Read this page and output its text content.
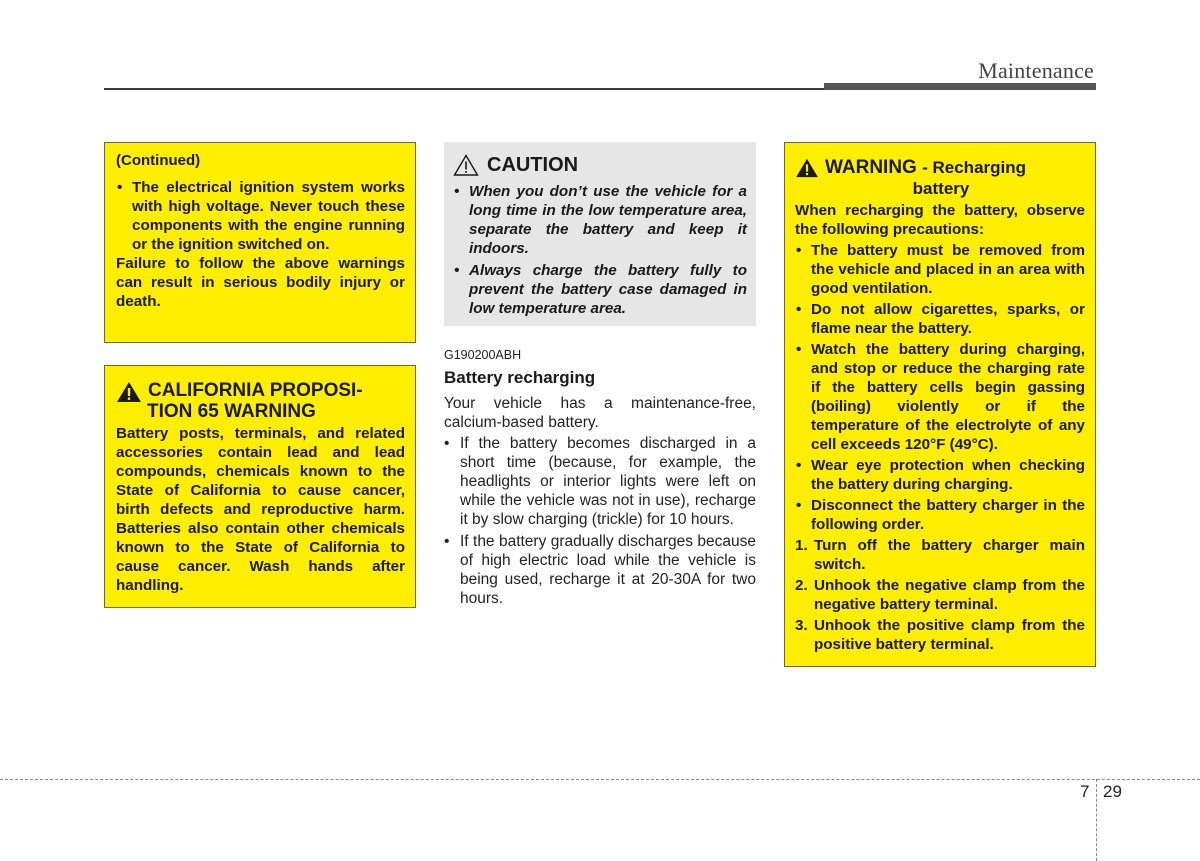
Maintenance
(Continued)
• The electrical ignition system works with high voltage. Never touch these components with the engine running or the ignition switched on.
Failure to follow the above warnings can result in serious bodily injury or death.
CALIFORNIA PROPOSI-
TION 65 WARNING
Battery posts, terminals, and related accessories contain lead and lead compounds, chemicals known to the State of California to cause cancer, birth defects and reproductive harm. Batteries also contain other chemicals known to the State of California to cause cancer. Wash hands after handling.
CAUTION
• When you don’t use the vehicle for a long time in the low temperature area, separate the battery and keep it indoors.
• Always charge the battery fully to prevent the battery case damaged in low temperature area.
G190200ABH
Battery recharging

Your vehicle has a maintenance-free, calcium-based battery.

• If the battery becomes discharged in a short time (because, for example, the headlights or interior lights were left on while the vehicle was not in use), recharge it by slow charging (trickle) for 10 hours.
• If the battery gradually discharges because of high electric load while the vehicle is being used, recharge it at 20-30A for two hours.
WARNING - Recharging
battery
When recharging the battery, observe the following precautions:
• The battery must be removed from the vehicle and placed in an area with good ventilation.
• Do not allow cigarettes, sparks, or flame near the battery.
• Watch the battery during charging, and stop or reduce the charging rate if the battery cells begin gassing (boiling) violently or if the temperature of the electrolyte of any cell exceeds 120°F (49°C).
• Wear eye protection when checking the battery during charging.
• Disconnect the battery charger in the following order.
1. Turn off the battery charger main switch.
2. Unhook the negative clamp from the negative battery terminal.
3. Unhook the positive clamp from the positive battery terminal.
7 29
